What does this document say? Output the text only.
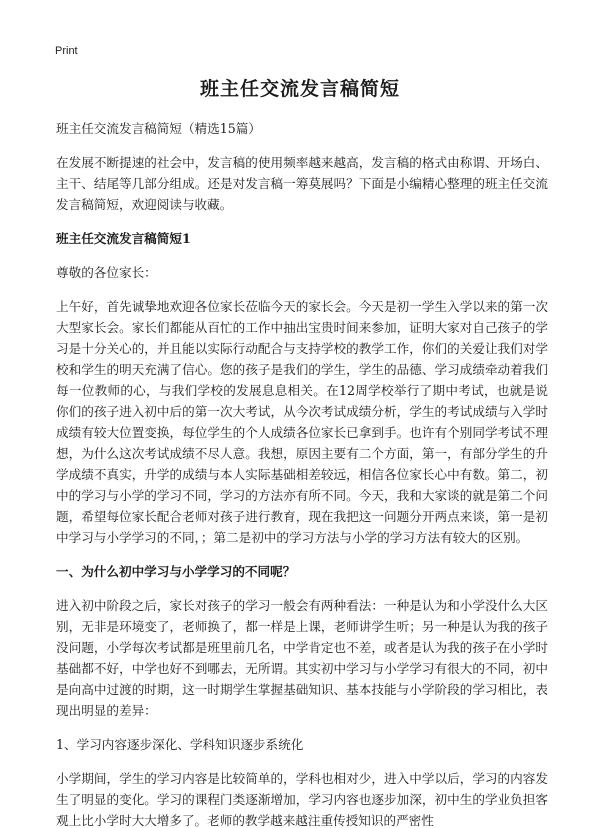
Print
班主任交流发言稿简短

班主任交流发言稿简短（精选15篇）

在发展不断提速的社会中，发言稿的使用频率越来越高，发言稿的格式由称谓、开场白、主干、结尾等几部分组成。还是对发言稿一筹莫展吗？下面是小编精心整理的班主任交流发言稿简短，欢迎阅读与收藏。

班主任交流发言稿简短1

尊敬的各位家长：

上午好，首先诚挚地欢迎各位家长莅临今天的家长会。今天是初一学生入学以来的第一次大型家长会。家长们都能从百忙的工作中抽出宝贵时间来参加，证明大家对自己孩子的学习是十分关心的，并且能以实际行动配合与支持学校的教学工作，你们的关爱让我们对学校和学生的明天充满了信心。您的孩子是我们的学生，学生的品德、学习成绩牵动着我们每一位教师的心，与我们学校的发展息息相关。在12周学校举行了期中考试，也就是说你们的孩子进入初中后的第一次大考试，从今次考试成绩分析，学生的考试成绩与入学时成绩有较大位置变换，每位学生的个人成绩各位家长已拿到手。也许有个别同学考试不理想，为什么这次考试成绩不尽人意。我想，原因主要有二个方面，第一，有部分学生的升学成绩不真实，升学的成绩与本人实际基础相差较远，相信各位家长心中有数。第二，初中的学习与小学的学习不同，学习的方法亦有所不同。今天，我和大家谈的就是第二个问题，希望每位家长配合老师对孩子进行教育，现在我把这一问题分开两点来谈，第一是初中学习与小学学习的不同，；第二是初中的学习方法与小学的学习方法有较大的区别。

一、为什么初中学习与小学学习的不同呢？

进入初中阶段之后，家长对孩子的学习一般会有两种看法：一种是认为和小学没什么大区别，无非是环境变了，老师换了，都一样是上课，老师讲学生听；另一种是认为我的孩子没问题，小学每次考试都是班里前几名，中学肯定也不差，或者是认为我的孩子在小学时基础都不好，中学也好不到哪去，无所谓。其实初中学习与小学学习有很大的不同，初中是向高中过渡的时期，这一时期学生掌握基础知识、基本技能与小学阶段的学习相比，表现出明显的差异：

1、学习内容逐步深化、学科知识逐步系统化

小学期间，学生的学习内容是比较简单的，学科也相对少，进入中学以后，学习的内容发生了明显的变化。学习的课程门类逐渐增加，学习内容也逐步加深，初中生的学业负担客观上比小学时大大增多了。老师的教学越来越注重传授知识的严密性
